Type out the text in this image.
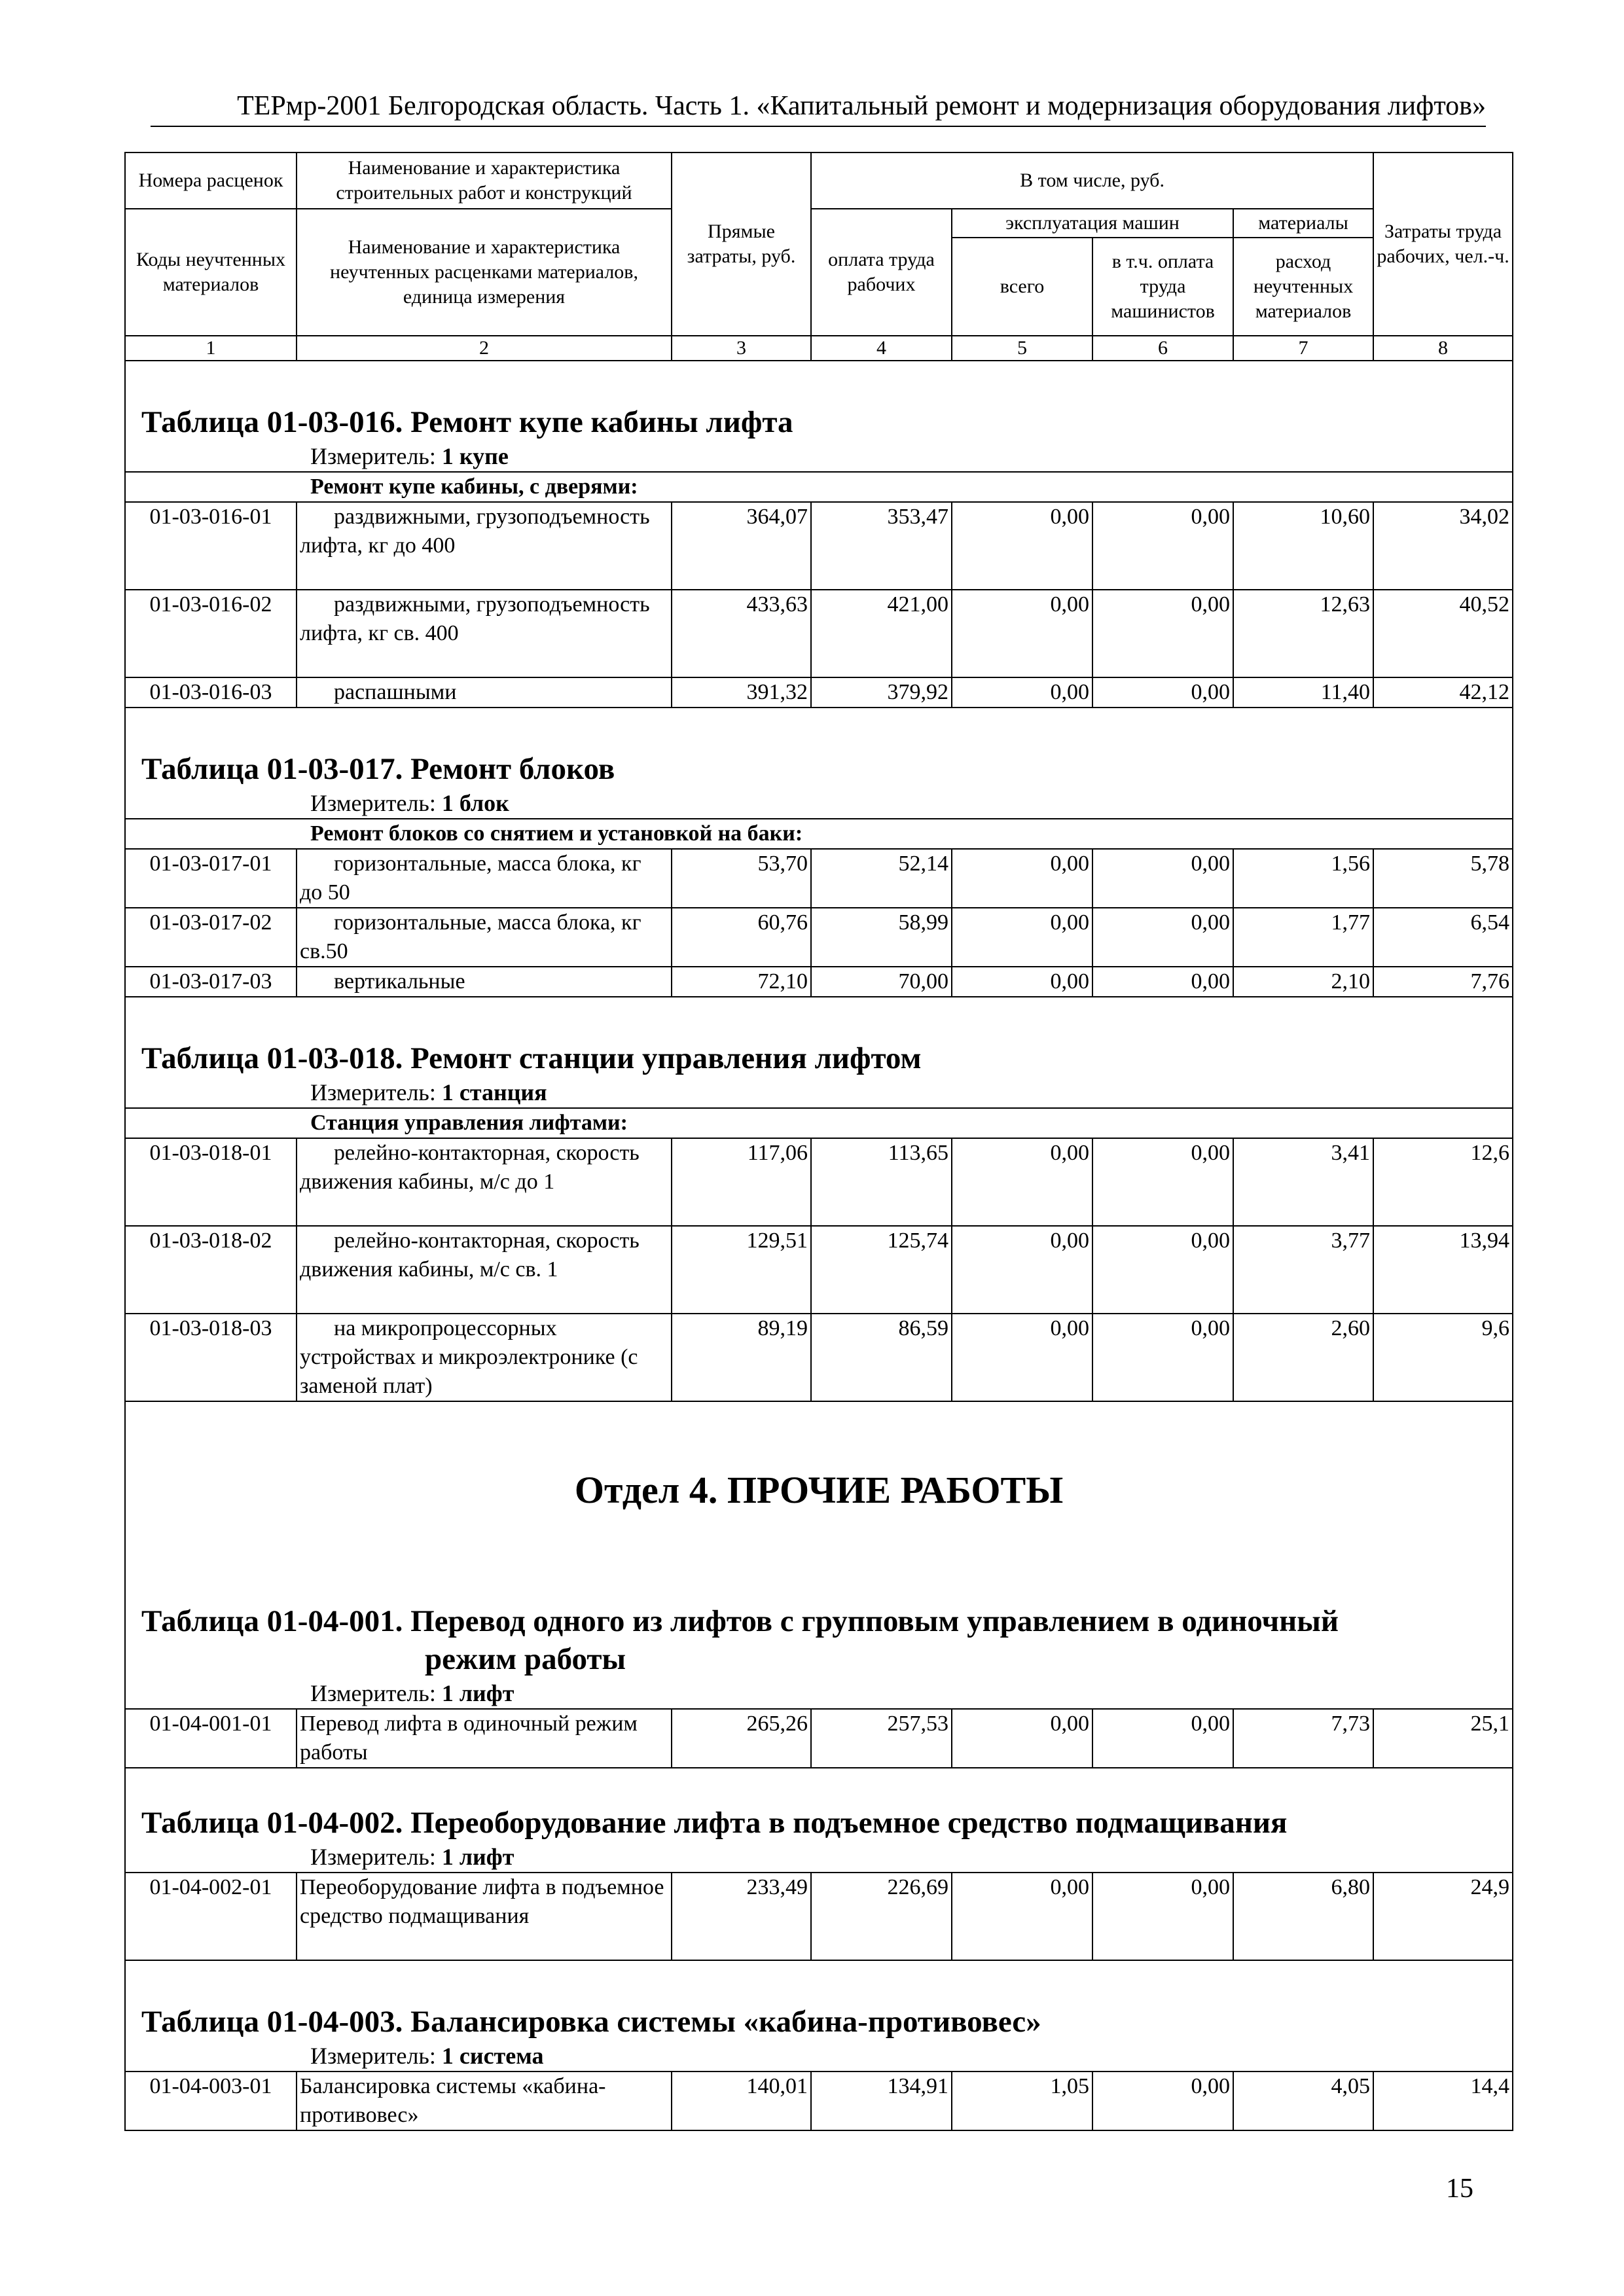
ТЕРмр-2001 Белгородская область. Часть 1. «Капитальный ремонт и модернизация оборудования лифтов»
Номера расценок	Наименование и характеристика строительных работ и конструкций	Прямые затраты, руб.	В том числе, руб.				Затраты труда рабочих, чел.-ч.
Коды неучтенных материалов	Наименование и характеристика неучтенных расценками материалов, единица измерения		оплата труда рабочих	эксплуатация машин		материалы	
				всего	в т.ч. оплата труда машинистов	расход неучтенных материалов	
1	2	3	4	5	6	7	8

Таблица 01-03-016. Ремонт купе кабины лифта
Измеритель: 1 купе							

Ремонт купе кабины, с дверями:							
01-03-016-01	раздвижными, грузоподъемность лифта, кг до 400	364,07	353,47	0,00	0,00	10,60	34,02
01-03-016-02	раздвижными, грузоподъемность лифта, кг св. 400	433,63	421,00	0,00	0,00	12,63	40,52
01-03-016-03	распашными	391,32	379,92	0,00	0,00	11,40	42,12

Таблица 01-03-017. Ремонт блоков
Измеритель: 1 блок							

Ремонт блоков со снятием и установкой на баки:							
01-03-017-01	горизонтальные, масса блока, кг до 50	53,70	52,14	0,00	0,00	1,56	5,78
01-03-017-02	горизонтальные, масса блока, кг св.50	60,76	58,99	0,00	0,00	1,77	6,54
01-03-017-03	вертикальные	72,10	70,00	0,00	0,00	2,10	7,76

Таблица 01-03-018. Ремонт станции управления лифтом
Измеритель: 1 станция							

Станция управления лифтами:							
01-03-018-01	релейно-контакторная, скорость движения кабины, м/с до 1	117,06	113,65	0,00	0,00	3,41	12,6
01-03-018-02	релейно-контакторная, скорость движения кабины, м/с св. 1	129,51	125,74	0,00	0,00	3,77	13,94
01-03-018-03	на микропроцессорных устройствах и микроэлектронике (с заменой плат)	89,19	86,59	0,00	0,00	2,60	9,6
Отдел 4. ПРОЧИЕ РАБОТЫ							

Таблица 01-04-001. Перевод одного из лифтов с групповым управлением в одиночный
режим работы
Измеритель: 1 лифт							

01-04-001-01	Перевод лифта в одиночный режим работы	265,26	257,53	0,00	0,00	7,73	25,1

Таблица 01-04-002. Переоборудование лифта в подъемное средство подмащивания
Измеритель: 1 лифт							

01-04-002-01	Переоборудование лифта в подъемное средство подмащивания	233,49	226,69	0,00	0,00	6,80	24,9

Таблица 01-04-003. Балансировка системы «кабина-противовес»
Измеритель: 1 система							

01-04-003-01	Балансировка системы «кабина-противовес»	140,01	134,91	1,05	0,00	4,05	14,4
15
